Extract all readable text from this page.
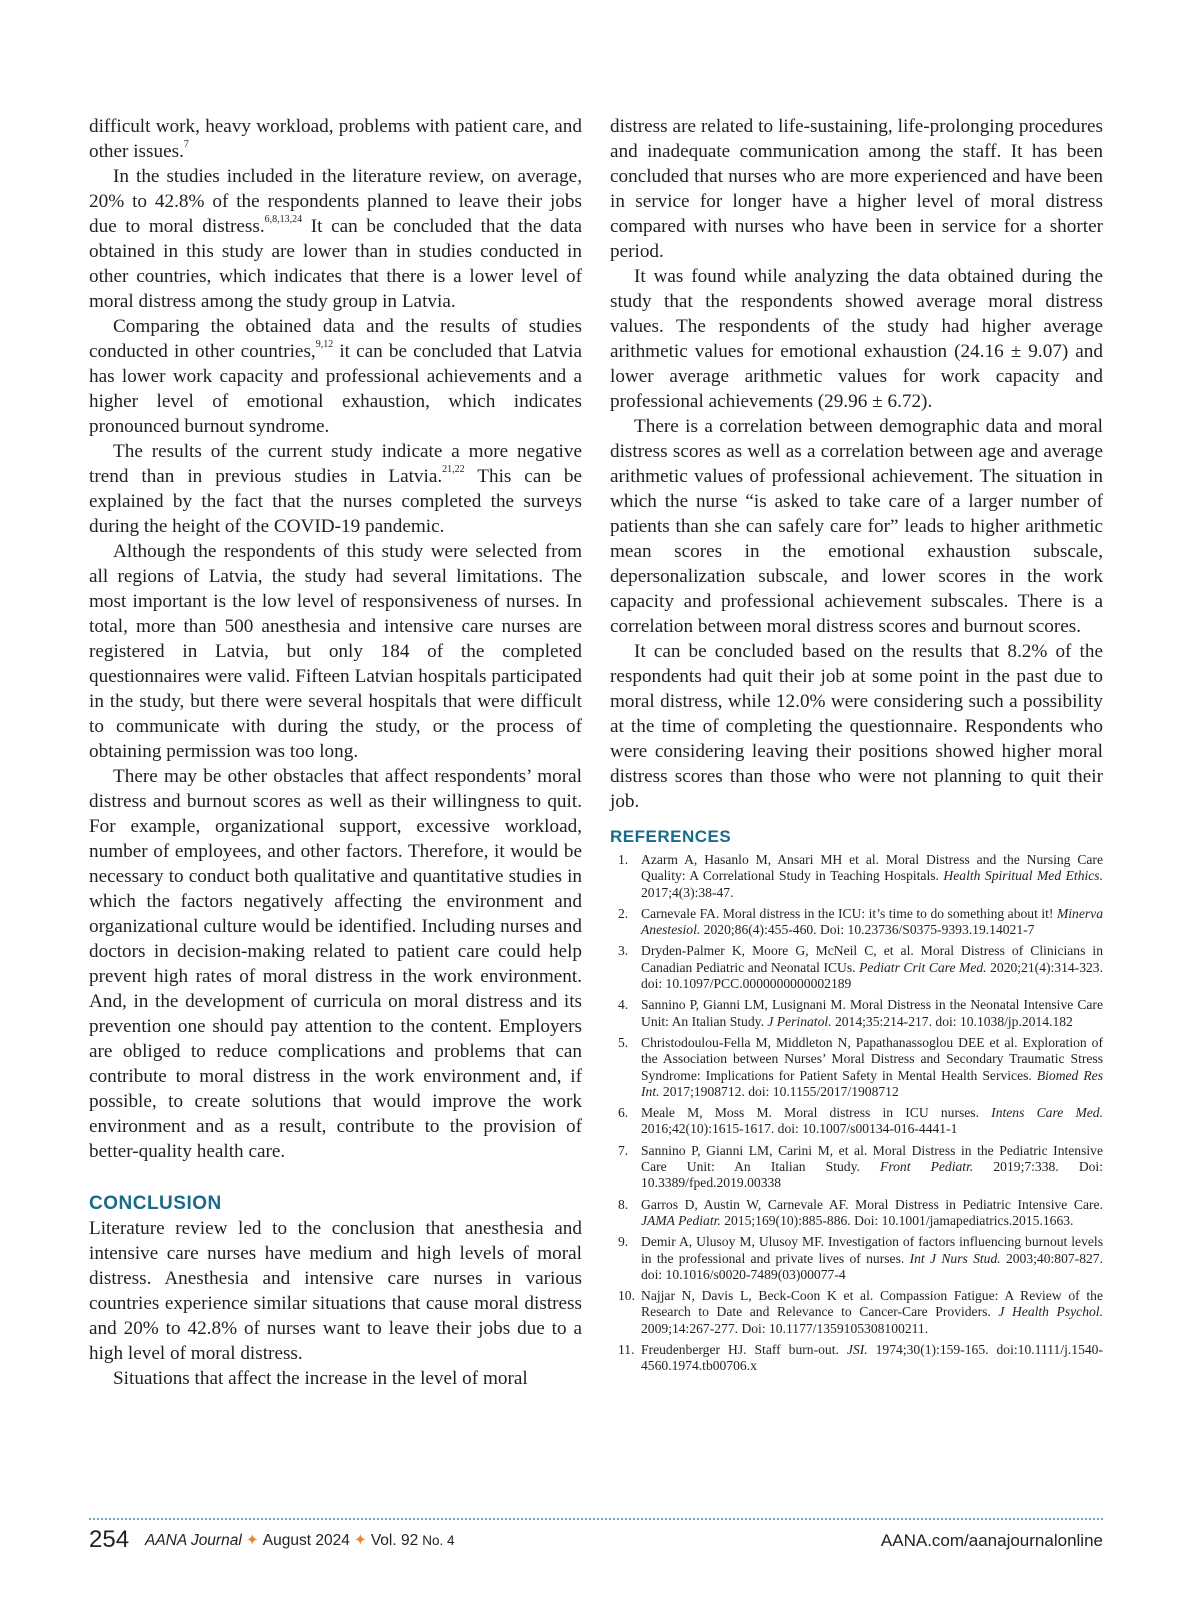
difficult work, heavy workload, problems with patient care, and other issues.$^7$

In the studies included in the literature review, on average, 20% to 42.8% of the respondents planned to leave their jobs due to moral distress.$^{6,8,13,24}$ It can be concluded that the data obtained in this study are lower than in studies conducted in other countries, which indicates that there is a lower level of moral distress among the study group in Latvia.

Comparing the obtained data and the results of studies conducted in other countries,$^{9,12}$ it can be concluded that Latvia has lower work capacity and professional achievements and a higher level of emotional exhaustion, which indicates pronounced burnout syndrome.

The results of the current study indicate a more negative trend than in previous studies in Latvia.$^{21,22}$ This can be explained by the fact that the nurses completed the surveys during the height of the COVID-19 pandemic.

Although the respondents of this study were selected from all regions of Latvia, the study had several limitations. The most important is the low level of responsiveness of nurses. In total, more than 500 anesthesia and intensive care nurses are registered in Latvia, but only 184 of the completed questionnaires were valid. Fifteen Latvian hospitals participated in the study, but there were several hospitals that were difficult to communicate with during the study, or the process of obtaining permission was too long.

There may be other obstacles that affect respondents’ moral distress and burnout scores as well as their willingness to quit. For example, organizational support, excessive workload, number of employees, and other factors. Therefore, it would be necessary to conduct both qualitative and quantitative studies in which the factors negatively affecting the environment and organizational culture would be identified. Including nurses and doctors in decision-making related to patient care could help prevent high rates of moral distress in the work environment. And, in the development of curricula on moral distress and its prevention one should pay attention to the content. Employers are obliged to reduce complications and problems that can contribute to moral distress in the work environment and, if possible, to create solutions that would improve the work environment and as a result, contribute to the provision of better-quality health care.

CONCLUSION

Literature review led to the conclusion that anesthesia and intensive care nurses have medium and high levels of moral distress. Anesthesia and intensive care nurses in various countries experience similar situations that cause moral distress and 20% to 42.8% of nurses want to leave their jobs due to a high level of moral distress.

Situations that affect the increase in the level of moral

distress are related to life-sustaining, life-prolonging procedures and inadequate communication among the staff. It has been concluded that nurses who are more experienced and have been in service for longer have a higher level of moral distress compared with nurses who have been in service for a shorter period.

It was found while analyzing the data obtained during the study that the respondents showed average moral distress values. The respondents of the study had higher average arithmetic values for emotional exhaustion (24.16 ± 9.07) and lower average arithmetic values for work capacity and professional achievements (29.96 ± 6.72).

There is a correlation between demographic data and moral distress scores as well as a correlation between age and average arithmetic values of professional achievement. The situation in which the nurse “is asked to take care of a larger number of patients than she can safely care for” leads to higher arithmetic mean scores in the emotional exhaustion subscale, depersonalization subscale, and lower scores in the work capacity and professional achievement subscales. There is a correlation between moral distress scores and burnout scores.

It can be concluded based on the results that 8.2% of the respondents had quit their job at some point in the past due to moral distress, while 12.0% were considering such a possibility at the time of completing the questionnaire. Respondents who were considering leaving their positions showed higher moral distress scores than those who were not planning to quit their job.

REFERENCES
1. Azarm A, Hasanlo M, Ansari MH et al. Moral Distress and the Nursing Care Quality: A Correlational Study in Teaching Hospitals. Health Spiritual Med Ethics. 2017;4(3):38-47.
2. Carnevale FA. Moral distress in the ICU: it’s time to do something about it! Minerva Anestesiol. 2020;86(4):455-460. Doi: 10.23736/S0375-9393.19.14021-7
3. Dryden-Palmer K, Moore G, McNeil C, et al. Moral Distress of Clinicians in Canadian Pediatric and Neonatal ICUs. Pediatr Crit Care Med. 2020;21(4):314-323. doi: 10.1097/PCC.0000000000002189
4. Sannino P, Gianni LM, Lusignani M. Moral Distress in the Neonatal Intensive Care Unit: An Italian Study. J Perinatol. 2014;35:214-217. doi: 10.1038/jp.2014.182
5. Christodoulou-Fella M, Middleton N, Papathanassoglou DEE et al. Exploration of the Association between Nurses’ Moral Distress and Secondary Traumatic Stress Syndrome: Implications for Patient Safety in Mental Health Services. Biomed Res Int. 2017;1908712. doi: 10.1155/2017/1908712
6. Meale M, Moss M. Moral distress in ICU nurses. Intens Care Med. 2016;42(10):1615-1617. doi: 10.1007/s00134-016-4441-1
7. Sannino P, Gianni LM, Carini M, et al. Moral Distress in the Pediatric Intensive Care Unit: An Italian Study. Front Pediatr. 2019;7:338. Doi: 10.3389/fped.2019.00338
8. Garros D, Austin W, Carnevale AF. Moral Distress in Pediatric Intensive Care. JAMA Pediatr. 2015;169(10):885-886. Doi: 10.1001/jamapediatrics.2015.1663.
9. Demir A, Ulusoy M, Ulusoy MF. Investigation of factors influencing burnout levels in the professional and private lives of nurses. Int J Nurs Stud. 2003;40:807-827. doi: 10.1016/s0020-7489(03)00077-4
10. Najjar N, Davis L, Beck-Coon K et al. Compassion Fatigue: A Review of the Research to Date and Relevance to Cancer-Care Providers. J Health Psychol. 2009;14:267-277. Doi: 10.1177/1359105308100211.
11. Freudenberger HJ. Staff burn-out. JSI. 1974;30(1):159-165. doi:10.1111/j.1540- 4560.1974.tb00706.x
254 AANA Journal ✦ August 2024 ✦ Vol. 92 No. 4	AANA.com/aanajournalonline
